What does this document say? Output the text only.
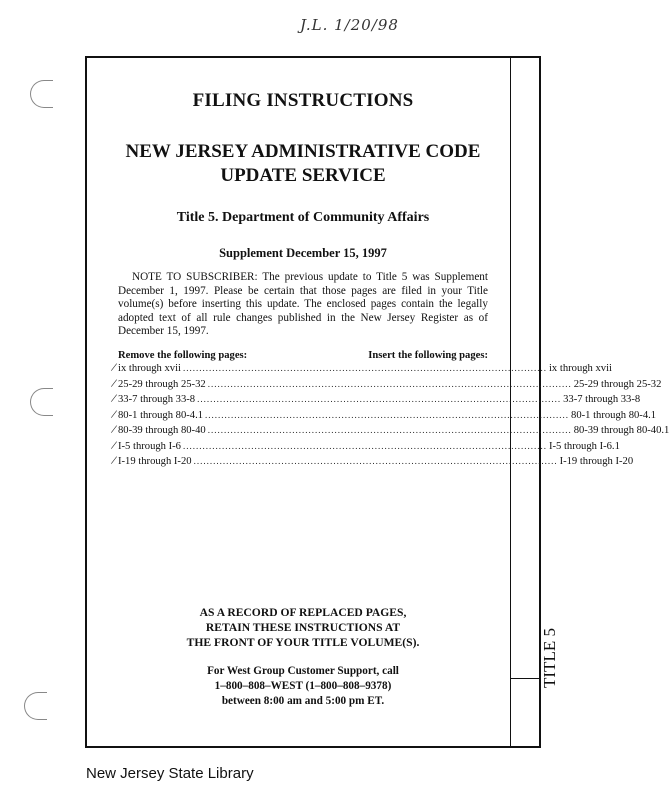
J.L. 1/20/98
TITLE 5
FILING INSTRUCTIONS
NEW JERSEY ADMINISTRATIVE CODE
UPDATE SERVICE
Title 5. Department of Community Affairs
Supplement December 15, 1997

NOTE TO SUBSCRIBER: The previous update to Title 5 was Supplement December 1, 1997. Please be certain that those pages are filed in your Title volume(s) before inserting this update. The enclosed pages contain the legally adopted text of all rule changes published in the New Jersey Register as of December 15, 1997.

Remove the following pages:	Insert the following pages:
/ ix through xvii ................................................................................................................ ix through xvii
/ 25-29 through 25-32 ................................................................................................................ 25-29 through 25-32
/ 33-7 through 33-8 ................................................................................................................ 33-7 through 33-8
/ 80-1 through 80-4.1 ................................................................................................................ 80-1 through 80-4.1
/ 80-39 through 80-40 ................................................................................................................ 80-39 through 80-40.1
/ I-5 through I-6 ................................................................................................................ I-5 through I-6.1
/ I-19 through I-20 ................................................................................................................ I-19 through I-20
AS A RECORD OF REPLACED PAGES,
RETAIN THESE INSTRUCTIONS AT
THE FRONT OF YOUR TITLE VOLUME(S).
For West Group Customer Support, call
1–800–808–WEST (1–800–808–9378)
between 8:00 am and 5:00 pm ET.
New Jersey State Library
